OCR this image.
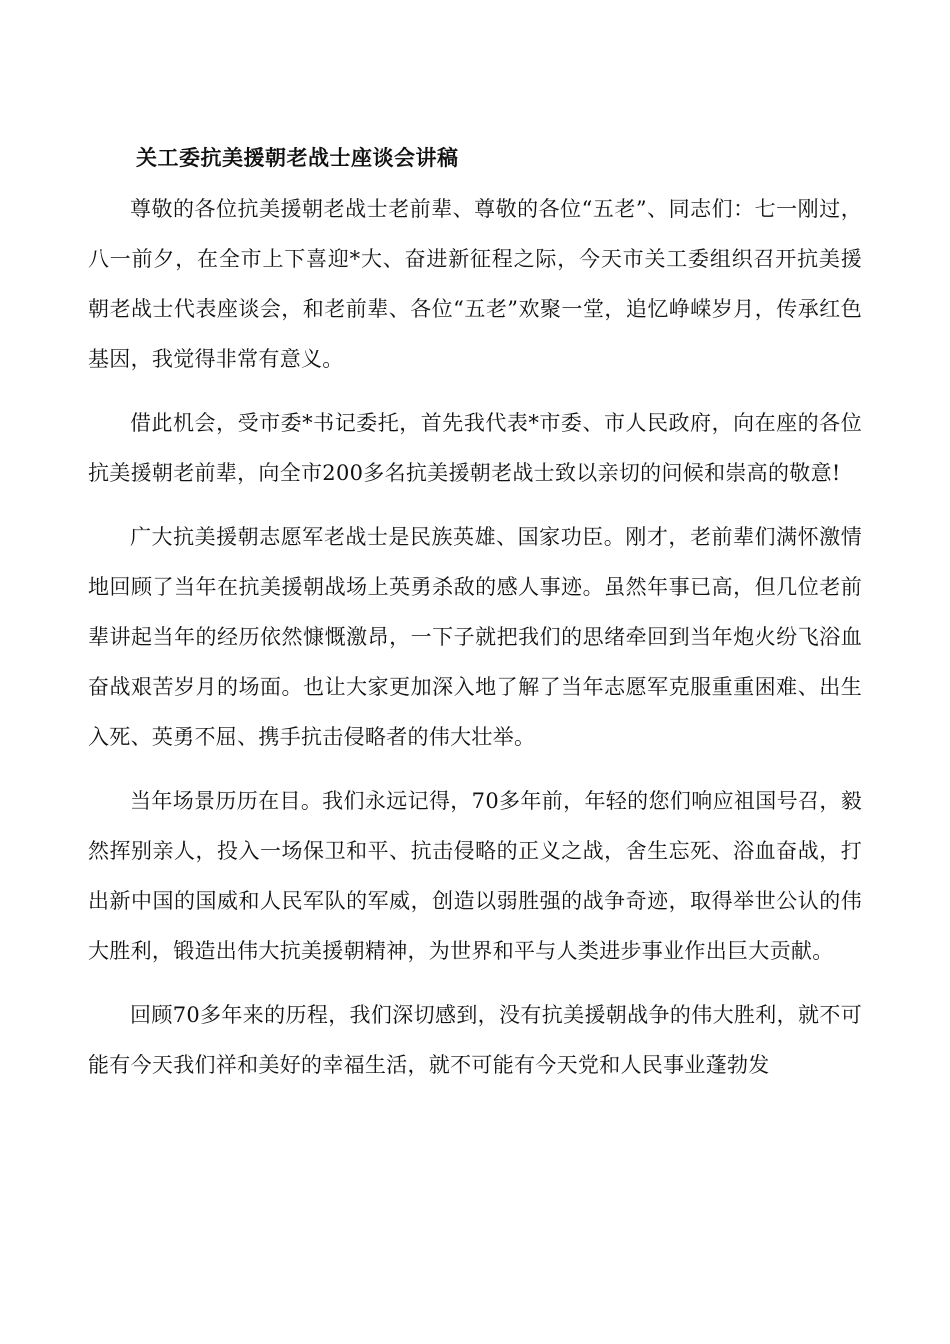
关工委抗美援朝老战士座谈会讲稿

尊敬的各位抗美援朝老战士老前辈、尊敬的各位“五老”、同志们：七一刚过，八一前夕，在全市上下喜迎*大、奋进新征程之际，今天市关工委组织召开抗美援朝老战士代表座谈会，和老前辈、各位“五老”欢聚一堂，追忆峥嵘岁月，传承红色基因，我觉得非常有意义。

借此机会，受市委*书记委托，首先我代表*市委、市人民政府，向在座的各位抗美援朝老前辈，向全市200多名抗美援朝老战士致以亲切的问候和崇高的敬意!

广大抗美援朝志愿军老战士是民族英雄、国家功臣。刚才，老前辈们满怀激情地回顾了当年在抗美援朝战场上英勇杀敌的感人事迹。虽然年事已高，但几位老前辈讲起当年的经历依然慷慨激昂，一下子就把我们的思绪牵回到当年炮火纷飞浴血奋战艰苦岁月的场面。也让大家更加深入地了解了当年志愿军克服重重困难、出生入死、英勇不屈、携手抗击侵略者的伟大壮举。

当年场景历历在目。我们永远记得，70多年前，年轻的您们响应祖国号召，毅然挥别亲人，投入一场保卫和平、抗击侵略的正义之战，舍生忘死、浴血奋战，打出新中国的国威和人民军队的军威，创造以弱胜强的战争奇迹，取得举世公认的伟大胜利，锻造出伟大抗美援朝精神，为世界和平与人类进步事业作出巨大贡献。

回顾70多年来的历程，我们深切感到，没有抗美援朝战争的伟大胜利，就不可能有今天我们祥和美好的幸福生活，就不可能有今天党和人民事业蓬勃发
